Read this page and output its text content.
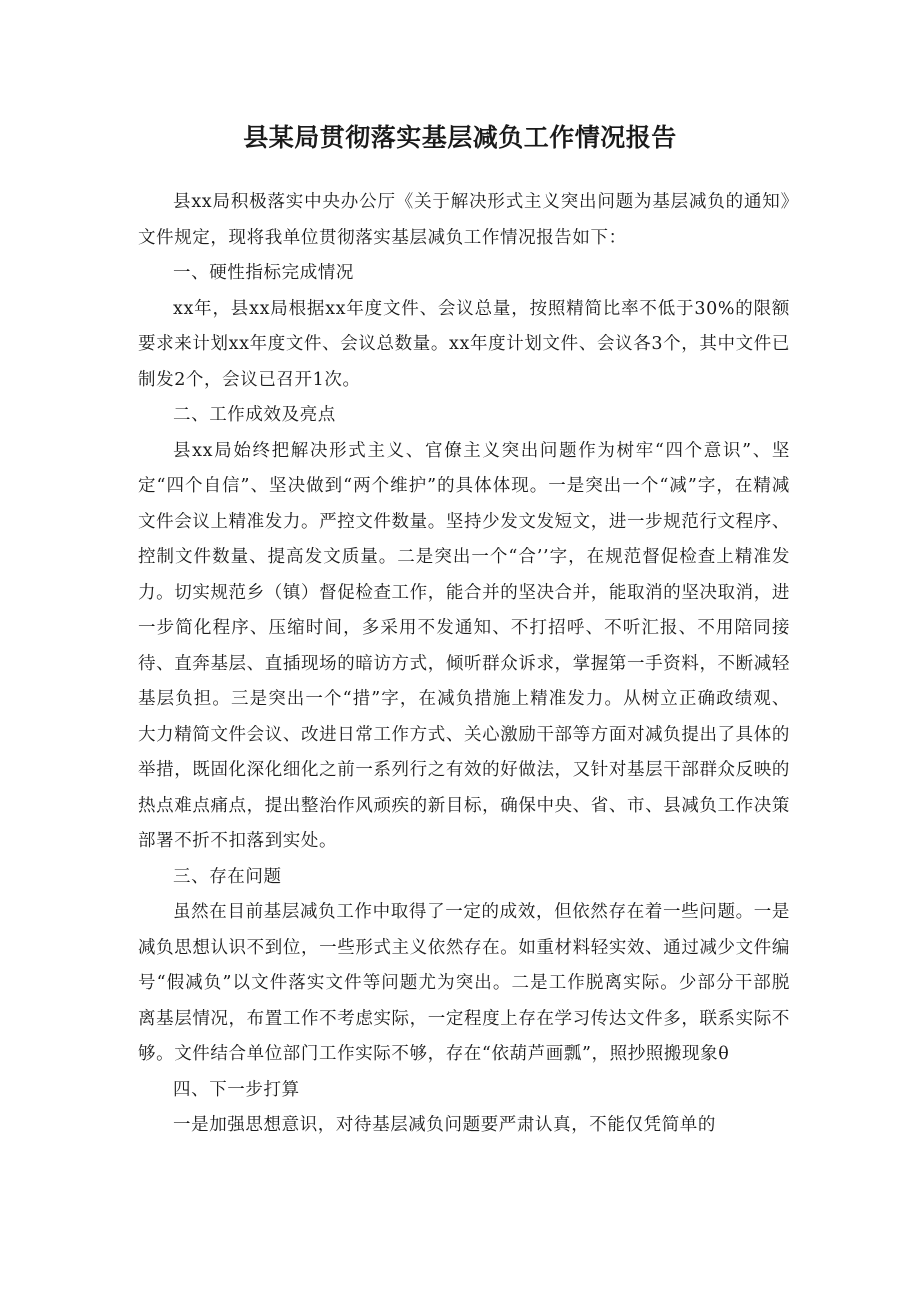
县某局贯彻落实基层减负工作情况报告

县xx局积极落实中央办公厅《关于解决形式主义突出问题为基层减负的通知》文件规定，现将我单位贯彻落实基层减负工作情况报告如下：

一、硬性指标完成情况

xx年，县xx局根据xx年度文件、会议总量，按照精简比率不低于30%的限额要求来计划xx年度文件、会议总数量。xx年度计划文件、会议各3个，其中文件已制发2个，会议已召开1次。

二、工作成效及亮点

县xx局始终把解决形式主义、官僚主义突出问题作为树牢“四个意识”、坚定“四个自信”、坚决做到“两个维护”的具体体现。一是突出一个“减”字，在精减文件会议上精准发力。严控文件数量。坚持少发文发短文，进一步规范行文程序、控制文件数量、提高发文质量。二是突出一个“合’’字，在规范督促检查上精准发力。切实规范乡（镇）督促检查工作，能合并的坚决合并，能取消的坚决取消，进一步简化程序、压缩时间，多采用不发通知、不打招呼、不听汇报、不用陪同接待、直奔基层、直插现场的暗访方式，倾听群众诉求，掌握第一手资料，不断减轻基层负担。三是突出一个“措”字，在减负措施上精准发力。从树立正确政绩观、大力精简文件会议、改进日常工作方式、关心激励干部等方面对减负提出了具体的举措，既固化深化细化之前一系列行之有效的好做法，又针对基层干部群众反映的热点难点痛点，提出整治作风顽疾的新目标，确保中央、省、市、县减负工作决策部署不折不扣落到实处。

三、存在问题

虽然在目前基层减负工作中取得了一定的成效，但依然存在着一些问题。一是减负思想认识不到位，一些形式主义依然存在。如重材料轻实效、通过减少文件编号“假减负”以文件落实文件等问题尤为突出。二是工作脱离实际。少部分干部脱离基层情况，布置工作不考虑实际，一定程度上存在学习传达文件多，联系实际不够。文件结合单位部门工作实际不够，存在“依葫芦画瓢”，照抄照搬现象θ

四、下一步打算

一是加强思想意识，对待基层减负问题要严肃认真，不能仅凭简单的
